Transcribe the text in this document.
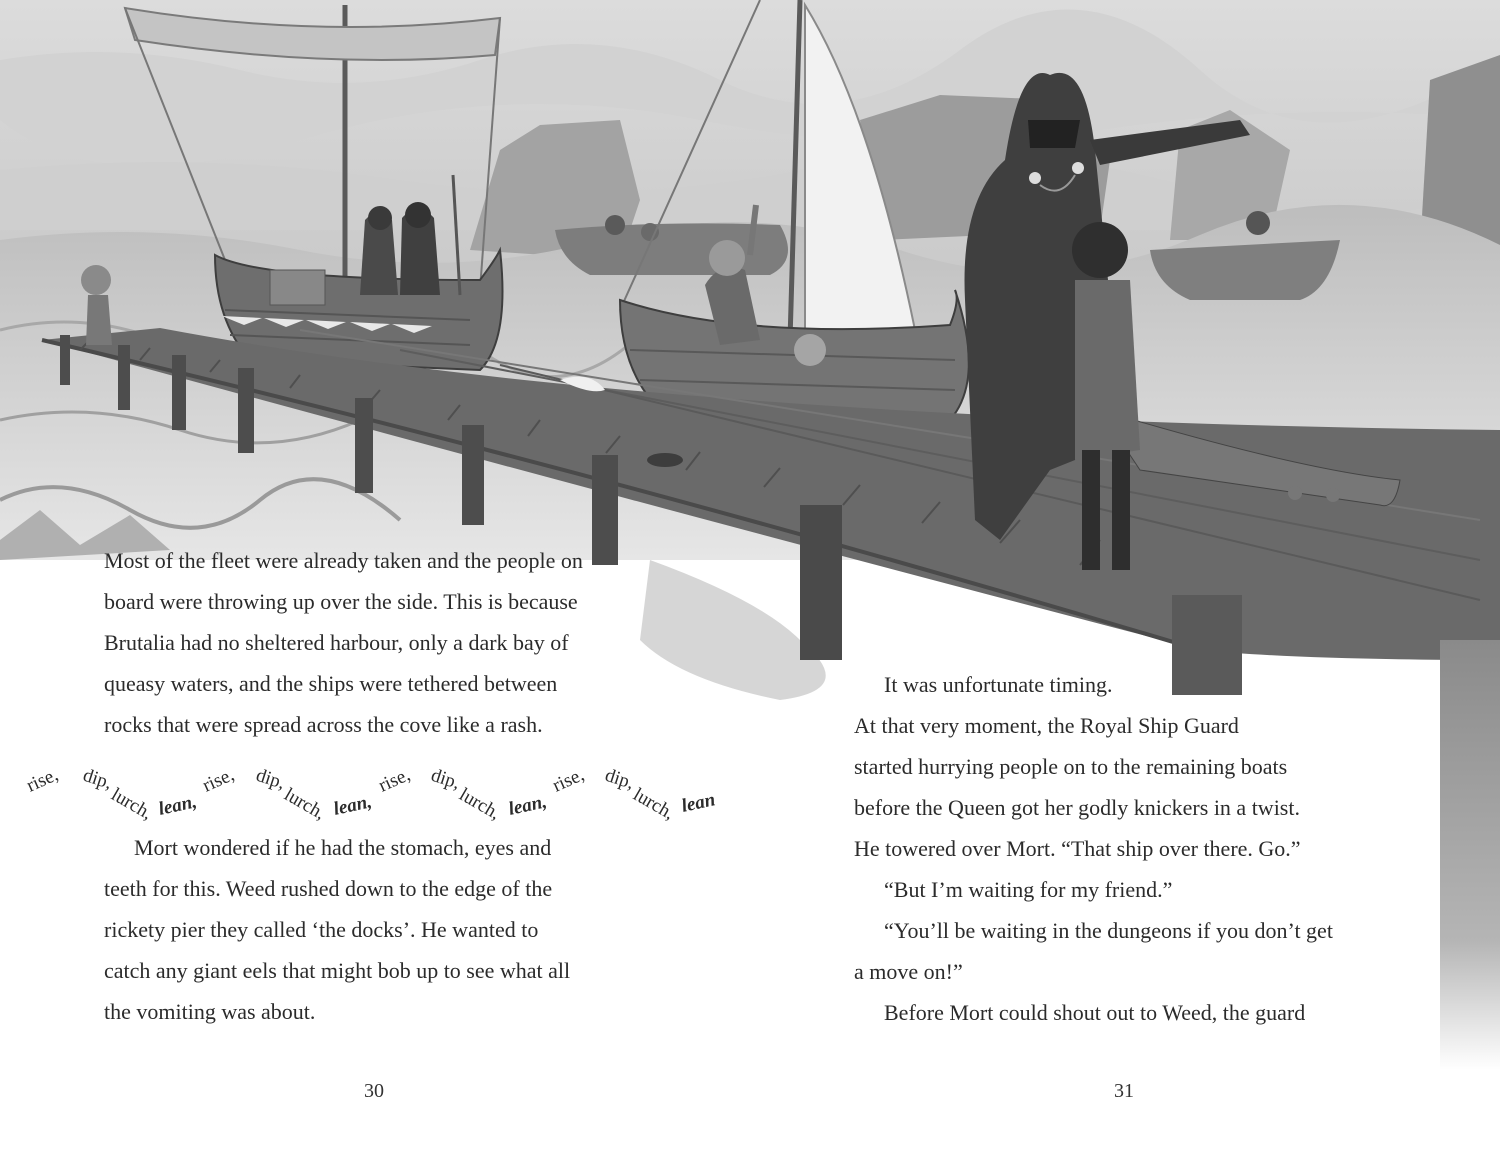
Most of the fleet were already taken and the people on
board were throwing up over the side. This is because
Brutalia had no sheltered harbour, only a dark bay of
queasy waters, and the ships were tethered between
rocks that were spread across the cove like a rash.

rise, dip,
lurch, lean,
rise, dip,
lurch, lean,
rise, dip,
lurch, lean,
rise, dip,
lurch, lean

Mort wondered if he had the stomach, eyes and
teeth for this. Weed rushed down to the edge of the
rickety pier they called ‘the docks’. He wanted to
catch any giant eels that might bob up to see what all
the vomiting was about.

30

It was unfortunate timing.
At that very moment, the Royal Ship Guard
started hurrying people on to the remaining boats
before the Queen got her godly knickers in a twist.
He towered over Mort. “That ship over there. Go.”
“But I’m waiting for my friend.”
“You’ll be waiting in the dungeons if you don’t get
a move on!”
Before Mort could shout out to Weed, the guard

31
